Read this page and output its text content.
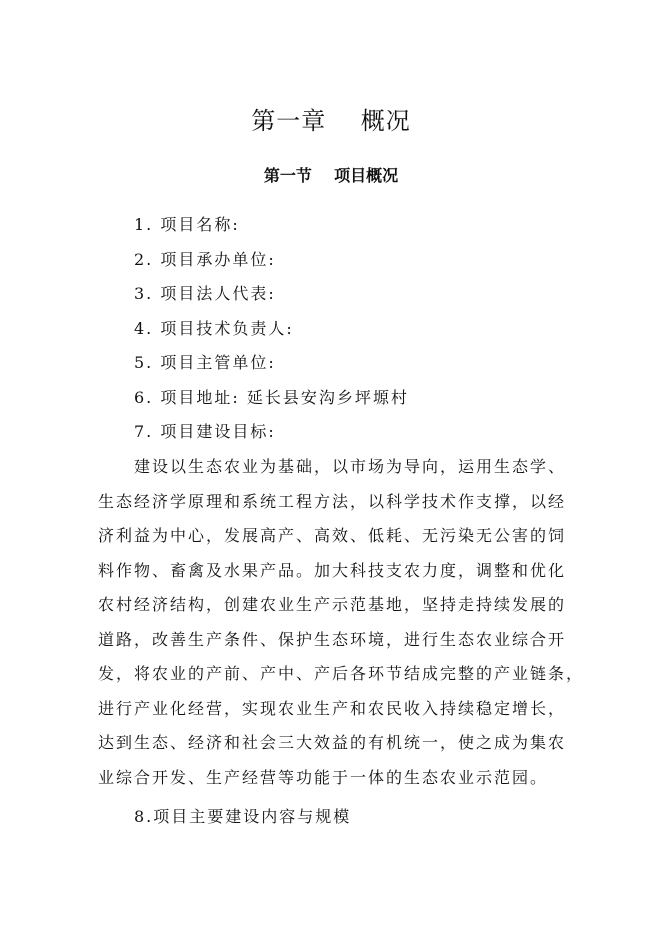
第一章    概况
第一节    项目概况
1. 项目名称:
2. 项目承办单位:
3. 项目法人代表:
4. 项目技术负责人:
5. 项目主管单位:
6. 项目地址: 延长县安沟乡坪塬村
7. 项目建设目标:
建设以生态农业为基础，以市场为导向，运用生态学、
生态经济学原理和系统工程方法，以科学技术作支撑，以经
济利益为中心，发展高产、高效、低耗、无污染无公害的饲
料作物、畜禽及水果产品。加大科技支农力度，调整和优化
农村经济结构，创建农业生产示范基地，坚持走持续发展的
道路，改善生产条件、保护生态环境，进行生态农业综合开
发，将农业的产前、产中、产后各环节结成完整的产业链条，
进行产业化经营，实现农业生产和农民收入持续稳定增长，
达到生态、经济和社会三大效益的有机统一，使之成为集农
业综合开发、生产经营等功能于一体的生态农业示范园。
8.项目主要建设内容与规模
